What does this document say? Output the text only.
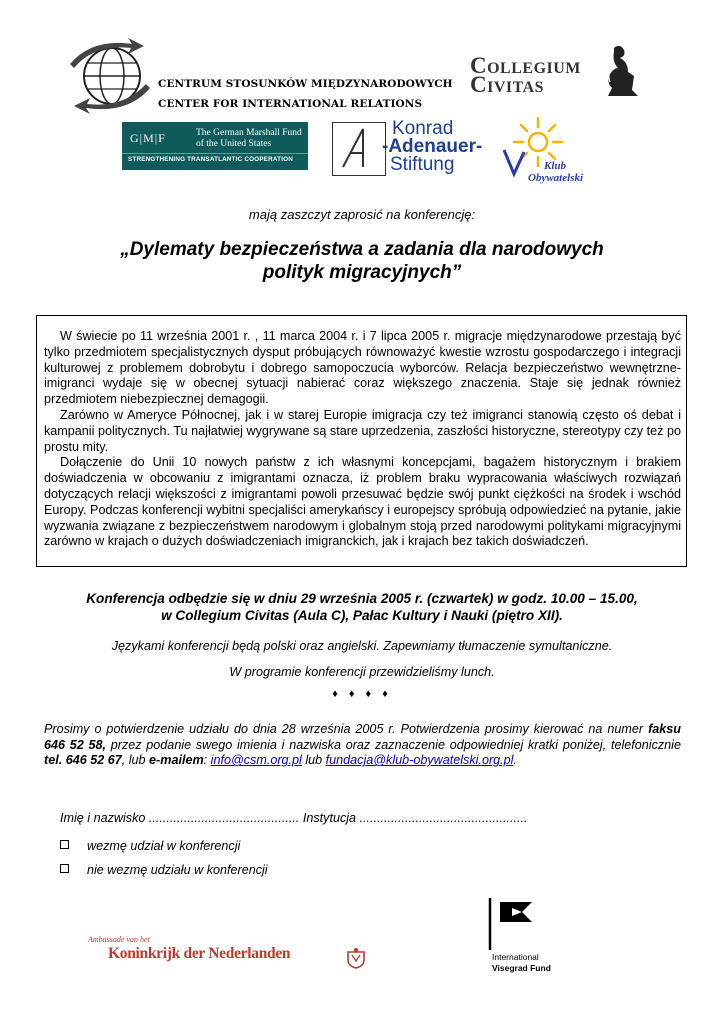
CENTRUM STOSUNKÓW MIĘDZYNARODOWYCH
CENTER FOR INTERNATIONAL RELATIONS
Collegium
Civitas
G|M|F	The German Marshall Fund
of the United States
STRENGTHENING TRANSATLANTIC COOPERATION
Konrad
-Adenauer-
Stiftung	Klub
Obywatelski
mają zaszczyt zaprosić na konferencję:
„Dylematy bezpieczeństwa a zadania dla narodowych
polityk migracyjnych”

W świecie po 11 września 2001 r. , 11 marca 2004 r. i 7 lipca 2005 r. migracje międzynarodowe przestają być tylko przedmiotem specjalistycznych dysput próbujących równoważyć kwestie wzrostu gospodarczego i integracji kulturowej z problemem dobrobytu i dobrego samopoczucia wyborców. Relacja bezpieczeństwo wewnętrzne-imigranci wydaje się w obecnej sytuacji nabierać coraz większego znaczenia. Staje się jednak również przedmiotem niebezpiecznej demagogii.

Zarówno w Ameryce Północnej, jak i w starej Europie imigracja czy też imigranci stanowią często oś debat i kampanii politycznych. Tu najłatwiej wygrywane są stare uprzedzenia, zaszłości historyczne, stereotypy czy też po prostu mity.

Dołączenie do Unii 10 nowych państw z ich własnymi koncepcjami, bagażem historycznym i brakiem doświadczenia w obcowaniu z imigrantami oznacza, iż problem braku wypracowania właściwych rozwiązań dotyczących relacji większości z imigrantami powoli przesuwać będzie swój punkt ciężkości na środek i wschód Europy. Podczas konferencji wybitni specjaliści amerykańscy i europejscy spróbują odpowiedzieć na pytanie, jakie wyzwania związane z bezpieczeństwem narodowym i globalnym stoją przed narodowymi politykami migracyjnymi zarówno w krajach o dużych doświadczeniach imigranckich, jak i krajach bez takich doświadczeń.

Konferencja odbędzie się w dniu 29 września 2005 r. (czwartek) w godz. 10.00 – 15.00,
w Collegium Civitas (Aula C), Pałac Kultury i Nauki (piętro XII).
Językami konferencji będą polski oraz angielski. Zapewniamy tłumaczenie symultaniczne.
W programie konferencji przewidzieliśmy lunch.
♦ ♦ ♦ ♦
Prosimy o potwierdzenie udziału do dnia 28 września 2005 r. Potwierdzenia prosimy kierować na numer faksu 646 52 58, przez podanie swego imienia i nazwiska oraz zaznaczenie odpowiedniej kratki poniżej, telefonicznie tel. 646 52 67, lub e-mailem: info@csm.org.pl lub fundacja@klub-obywatelski.org.pl.
Imię i nazwisko ........................................... Instytucja ................................................
wezmę udział w konferencji
nie wezmę udziału w konferencji
Ambassade van het
Koninkrijk der Nederlanden	International
Visegrad Fund
